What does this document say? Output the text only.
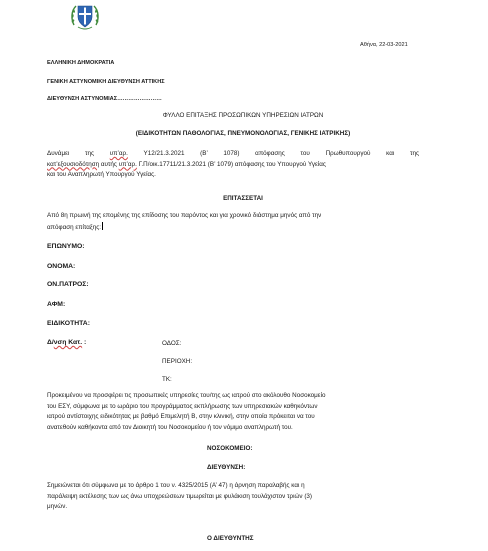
Αθήνα, 22-03-2021
ΕΛΛΗΝΙΚΗ ΔΗΜΟΚΡΑΤΙΑ
ΓΕΝΙΚΗ ΑΣΤΥΝΟΜΙΚΗ ΔΙΕΥΘΥΝΣΗ ΑΤΤΙΚΗΣ
ΔΙΕΥΘΥΝΣΗ ΑΣΤΥΝΟΜΙΑΣ……………………
ΦΥΛΛΟ ΕΠΙΤΑΞΗΣ ΠΡΟΣΩΠΙΚΩΝ ΥΠΗΡΕΣΙΩΝ ΙΑΤΡΩΝ
(ΕΙΔΙΚΟΤΗΤΩΝ ΠΑΘΟΛΟΓΙΑΣ, ΠΝΕΥΜΟΝΟΛΟΓΙΑΣ, ΓΕΝΙΚΗΣ ΙΑΤΡΙΚΗΣ)
Δυνάμει της υπ’αρ. Υ12/21.3.2021 (Β’ 1078) απόφασης του Πρωθυπουργού και της
κατ’εξουσιοδότηση αυτής υπ’αρ. Γ.Π/οικ.17711/21.3.2021 (Β’ 1079) απόφασης του Υπουργού Υγείας
και του Αναπληρωτή Υπουργού Υγείας.
ΕΠΙΤΑΣΣΕΤΑΙ
Από 8η πρωινή της επομένης της επίδοσης του παρόντος και για χρονικό διάστημα μηνός από την
απόφαση επίταξης:
ΕΠΩΝΥΜΟ:
ΟΝΟΜΑ:
ΟΝ.ΠΑΤΡΟΣ:
ΑΦΜ:
ΕΙΔΙΚΟΤΗΤΑ:
Δ/νση Κατ. :	ΟΔΟΣ:
ΠΕΡΙΟΧΗ:
ΤΚ:
Προκειμένου να προσφέρει τις προσωπικές υπηρεσίες του/της ως ιατρού στο ακόλουθο Νοσοκομείο
του ΕΣΥ, σύμφωνα με το ωράριο του προγράμματος εκπλήρωσης των υπηρεσιακών καθηκόντων
ιατρού αντίστοιχης ειδικότητας με βαθμό Επιμελητή Β, στην κλινική, στην οποία πρόκειται να του
ανατεθούν καθήκοντα από τον Διοικητή του Νοσοκομείου ή τον νόμιμο αναπληρωτή του.
ΝΟΣΟΚΟΜΕΙΟ:
ΔΙΕΥΘΥΝΣΗ:
Σημειώνεται ότι σύμφωνα με το άρθρο 1 του ν. 4325/2015 (Α’ 47) η άρνηση παραλαβής και η
παράλειψη εκτέλεσης των ως άνω υποχρεώσεων τιμωρείται με φυλάκιση τουλάχιστον τριών (3)
μηνών.
Ο ΔΙΕΥΘΥΝΤΗΣ
